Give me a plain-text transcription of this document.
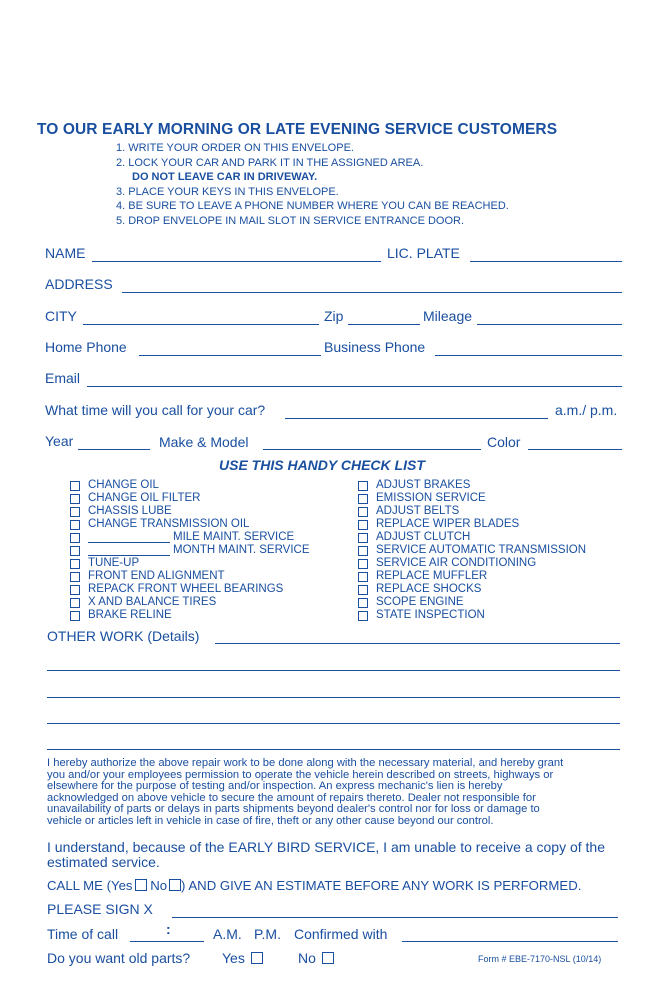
TO OUR EARLY MORNING OR LATE EVENING SERVICE CUSTOMERS
1. WRITE YOUR ORDER ON THIS ENVELOPE.
2. LOCK YOUR CAR AND PARK IT IN THE ASSIGNED AREA.
DO NOT LEAVE CAR IN DRIVEWAY.
3. PLACE YOUR KEYS IN THIS ENVELOPE.
4. BE SURE TO LEAVE A PHONE NUMBER WHERE YOU CAN BE REACHED.
5. DROP ENVELOPE IN MAIL SLOT IN SERVICE ENTRANCE DOOR.
NAME	LIC. PLATE
ADDRESS
CITY	Zip	Mileage
Home Phone	Business Phone
Email
What time will you call for your car?	a.m./ p.m.
Year	Make & Model	Color
USE THIS HANDY CHECK LIST
CHANGE OIL
CHANGE OIL FILTER
CHASSIS LUBE
CHANGE TRANSMISSION OIL
MILE MAINT. SERVICE
MONTH MAINT. SERVICE
TUNE-UP
FRONT END ALIGNMENT
REPACK FRONT WHEEL BEARINGS
X AND BALANCE TIRES
BRAKE RELINE
ADJUST BRAKES
EMISSION SERVICE
ADJUST BELTS
REPLACE WIPER BLADES
ADJUST CLUTCH
SERVICE AUTOMATIC TRANSMISSION
SERVICE AIR CONDITIONING
REPLACE MUFFLER
REPLACE SHOCKS
SCOPE ENGINE
STATE INSPECTION
OTHER WORK (Details)
I hereby authorize the above repair work to be done along with the necessary material, and hereby grant
you and/or your employees permission to operate the vehicle herein described on streets, highways or
elsewhere for the purpose of testing and/or inspection. An express mechanic's lien is hereby
acknowledged on above vehicle to secure the amount of repairs thereto. Dealer not responsible for
unavailability of parts or delays in parts shipments beyond dealer's control nor for loss or damage to
vehicle or articles left in vehicle in case of fire, theft or any other cause beyond our control.
I understand, because of the EARLY BIRD SERVICE, I am unable to receive a copy of the estimated service.
CALL ME (Yes No ) AND GIVE AN ESTIMATE BEFORE ANY WORK IS PERFORMED.
PLEASE SIGN X
Time of call	:	A.M. P.M. Confirmed with
Do you want old parts? Yes	No	Form # EBE-7170-NSL (10/14)
